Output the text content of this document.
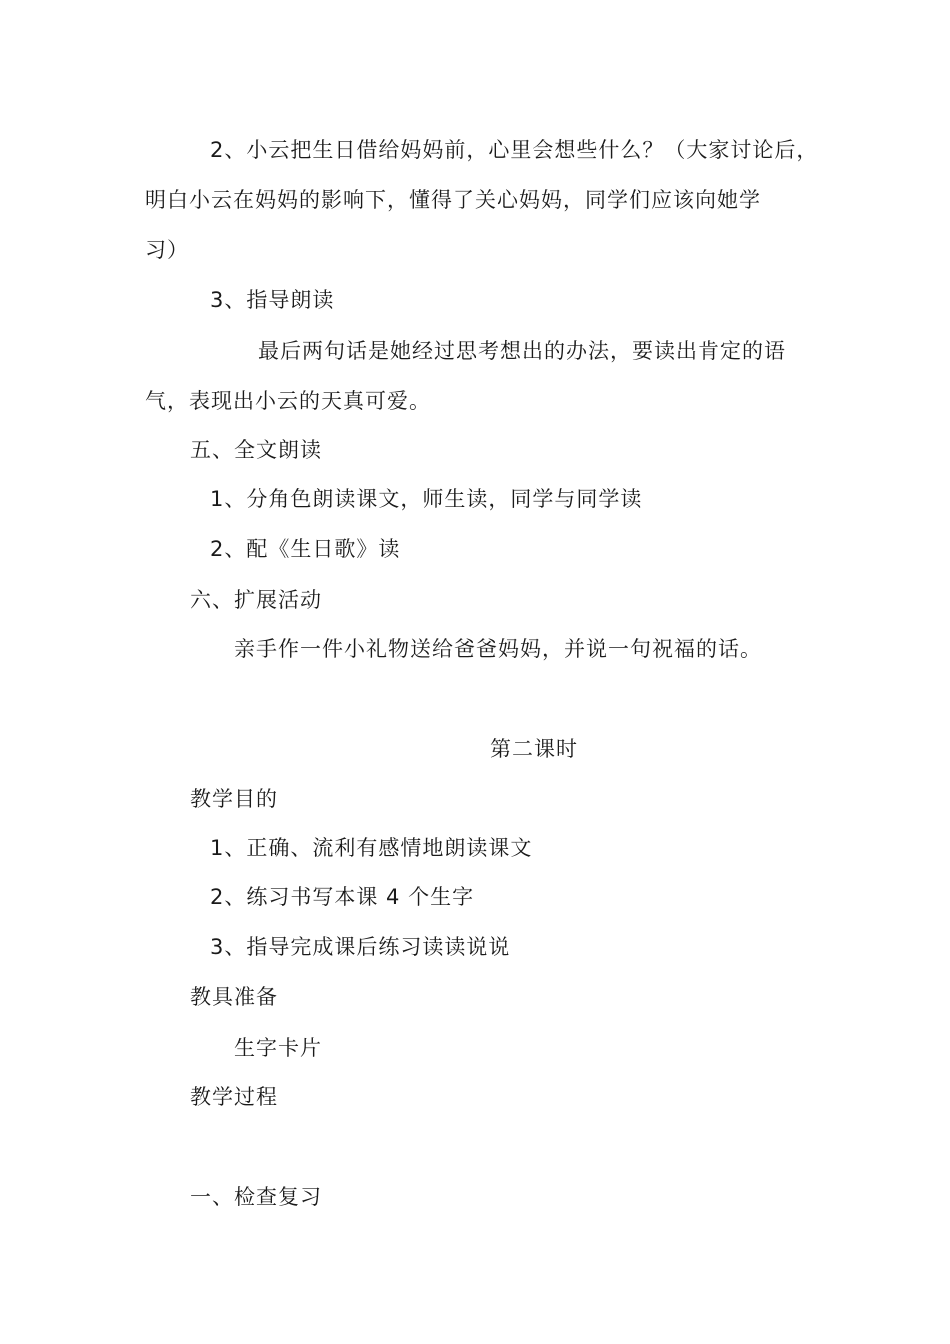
2、小云把生日借给妈妈前，心里会想些什么？（大家讨论后，
明白小云在妈妈的影响下，懂得了关心妈妈，同学们应该向她学
习）
3、指导朗读
最后两句话是她经过思考想出的办法，要读出肯定的语
气，表现出小云的天真可爱。
五、全文朗读
1、分角色朗读课文，师生读，同学与同学读
2、配《生日歌》读
六、扩展活动
亲手作一件小礼物送给爸爸妈妈，并说一句祝福的话。
第二课时
教学目的
1、正确、流利有感情地朗读课文
2、练习书写本课 4 个生字
3、指导完成课后练习读读说说
教具准备
生字卡片
教学过程
一、检查复习
